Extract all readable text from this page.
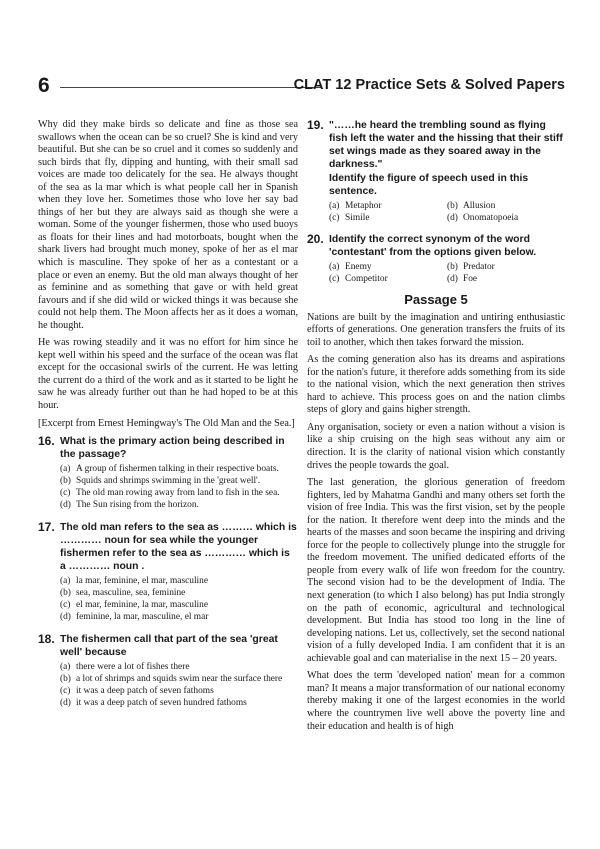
6	CLAT 12 Practice Sets & Solved Papers

Why did they make birds so delicate and fine as those sea swallows when the ocean can be so cruel? She is kind and very beautiful. But she can be so cruel and it comes so suddenly and such birds that fly, dipping and hunting, with their small sad voices are made too delicately for the sea. He always thought of the sea as la mar which is what people call her in Spanish when they love her. Sometimes those who love her say bad things of her but they are always said as though she were a woman. Some of the younger fishermen, those who used buoys as floats for their lines and had motorboats, bought when the shark livers had brought much money, spoke of her as el mar which is masculine. They spoke of her as a contestant or a place or even an enemy. But the old man always thought of her as feminine and as something that gave or with held great favours and if she did wild or wicked things it was because she could not help them. The Moon affects her as it does a woman, he thought.

He was rowing steadily and it was no effort for him since he kept well within his speed and the surface of the ocean was flat except for the occasional swirls of the current. He was letting the current do a third of the work and as it started to be light he saw he was already further out than he had hoped to be at this hour.

[Excerpt from Ernest Hemingway's The Old Man and the Sea.]

16. What is the primary action being described in the passage?
(a) A group of fishermen talking in their respective boats.
(b) Squids and shrimps swimming in the 'great well'.
(c) The old man rowing away from land to fish in the sea.
(d) The Sun rising from the horizon.
17. The old man refers to the sea as ……… which is ………… noun for sea while the younger fishermen refer to the sea as ………… which is a ………… noun .
(a) la mar, feminine, el mar, masculine
(b) sea, masculine, sea, feminine
(c) el mar, feminine, la mar, masculine
(d) feminine, la mar, masculine, el mar
18. The fishermen call that part of the sea 'great well' because
(a) there were a lot of fishes there
(b) a lot of shrimps and squids swim near the surface there
(c) it was a deep patch of seven fathoms
(d) it was a deep patch of seven hundred fathoms
19. "……he heard the trembling sound as flying fish left the water and the hissing that their stiff set wings made as they soared away in the darkness."
Identify the figure of speech used in this sentence.
(a) Metaphor	(b) Allusion
(c) Simile	(d) Onomatopoeia
20. Identify the correct synonym of the word 'contestant' from the options given below.
(a) Enemy	(b) Predator
(c) Competitor	(d) Foe
Passage 5

Nations are built by the imagination and untiring enthusiastic efforts of generations. One generation transfers the fruits of its toil to another, which then takes forward the mission.

As the coming generation also has its dreams and aspirations for the nation's future, it therefore adds something from its side to the national vision, which the next generation then strives hard to achieve. This process goes on and the nation climbs steps of glory and gains higher strength.

Any organisation, society or even a nation without a vision is like a ship cruising on the high seas without any aim or direction. It is the clarity of national vision which constantly drives the people towards the goal.

The last generation, the glorious generation of freedom fighters, led by Mahatma Gandhi and many others set forth the vision of free India. This was the first vision, set by the people for the nation. It therefore went deep into the minds and the hearts of the masses and soon became the inspiring and driving force for the people to collectively plunge into the struggle for the freedom movement. The unified dedicated efforts of the people from every walk of life won freedom for the country. The second vision had to be the development of India. The next generation (to which I also belong) has put India strongly on the path of economic, agricultural and technological development. But India has stood too long in the line of developing nations. Let us, collectively, set the second national vision of a fully developed India. I am confident that it is an achievable goal and can materialise in the next 15 – 20 years.

What does the term 'developed nation' mean for a common man? It means a major transformation of our national economy thereby making it one of the largest economies in the world where the countrymen live well above the poverty line and their education and health is of high
